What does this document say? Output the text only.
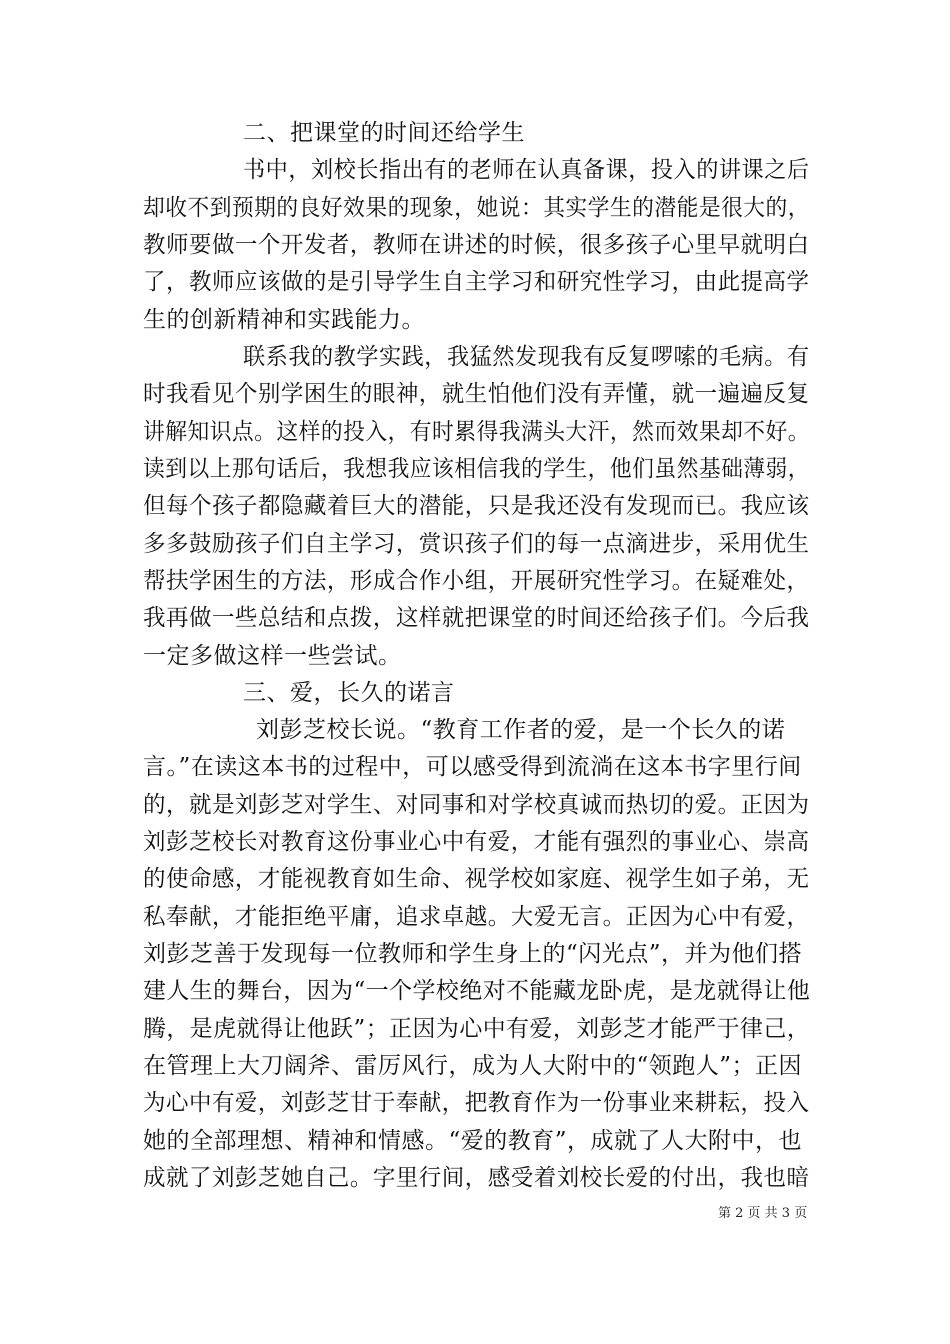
二、把课堂的时间还给学生
书中，刘校长指出有的老师在认真备课，投入的讲课之后
却收不到预期的良好效果的现象，她说：其实学生的潜能是很大的，
教师要做一个开发者，教师在讲述的时候，很多孩子心里早就明白
了，教师应该做的是引导学生自主学习和研究性学习，由此提高学
生的创新精神和实践能力。
联系我的教学实践，我猛然发现我有反复啰嗦的毛病。有
时我看见个别学困生的眼神，就生怕他们没有弄懂，就一遍遍反复
讲解知识点。这样的投入，有时累得我满头大汗，然而效果却不好。
读到以上那句话后，我想我应该相信我的学生，他们虽然基础薄弱，
但每个孩子都隐藏着巨大的潜能，只是我还没有发现而已。我应该
多多鼓励孩子们自主学习，赏识孩子们的每一点滴进步，采用优生
帮扶学困生的方法，形成合作小组，开展研究性学习。在疑难处，
我再做一些总结和点拨，这样就把课堂的时间还给孩子们。今后我
一定多做这样一些尝试。
三、爱，长久的诺言
刘彭芝校长说。“教育工作者的爱，是一个长久的诺
言。”在读这本书的过程中，可以感受得到流淌在这本书字里行间
的，就是刘彭芝对学生、对同事和对学校真诚而热切的爱。正因为
刘彭芝校长对教育这份事业心中有爱，才能有强烈的事业心、崇高
的使命感，才能视教育如生命、视学校如家庭、视学生如子弟，无
私奉献，才能拒绝平庸，追求卓越。大爱无言。正因为心中有爱，
刘彭芝善于发现每一位教师和学生身上的“闪光点”，并为他们搭
建人生的舞台，因为“一个学校绝对不能藏龙卧虎，是龙就得让他
腾，是虎就得让他跃”；正因为心中有爱，刘彭芝才能严于律己，
在管理上大刀阔斧、雷厉风行，成为人大附中的“领跑人”；正因
为心中有爱，刘彭芝甘于奉献，把教育作为一份事业来耕耘，投入
她的全部理想、精神和情感。“爱的教育”，成就了人大附中，也
成就了刘彭芝她自己。字里行间，感受着刘校长爱的付出，我也暗
第 2 页 共 3 页
